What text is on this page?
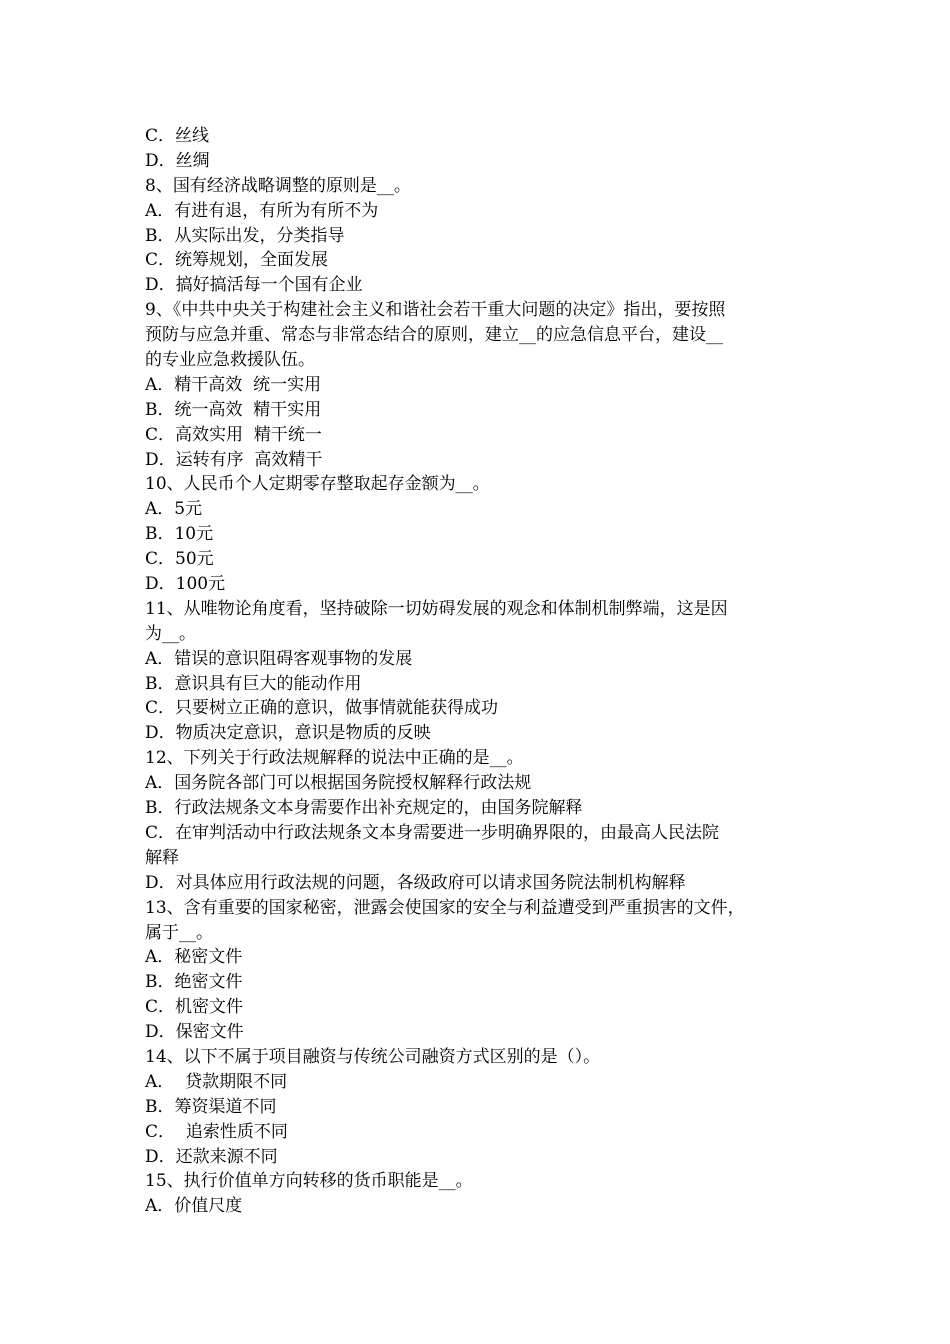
C．丝线
D．丝绸
8、国有经济战略调整的原则是__。
A．有进有退，有所为有所不为
B．从实际出发，分类指导
C．统筹规划，全面发展
D．搞好搞活每一个国有企业
9、《中共中央关于构建社会主义和谐社会若干重大问题的决定》指出，要按照
预防与应急并重、常态与非常态结合的原则，建立__的应急信息平台，建设__
的专业应急救援队伍。
A．精干高效  统一实用
B．统一高效  精干实用
C．高效实用  精干统一
D．运转有序  高效精干
10、人民币个人定期零存整取起存金额为__。
A．5元
B．10元
C．50元
D．100元
11、从唯物论角度看，坚持破除一切妨碍发展的观念和体制机制弊端，这是因
为__。
A．错误的意识阻碍客观事物的发展
B．意识具有巨大的能动作用
C．只要树立正确的意识，做事情就能获得成功
D．物质决定意识，意识是物质的反映
12、下列关于行政法规解释的说法中正确的是__。
A．国务院各部门可以根据国务院授权解释行政法规
B．行政法规条文本身需要作出补充规定的，由国务院解释
C．在审判活动中行政法规条文本身需要进一步明确界限的，由最高人民法院
解释
D．对具体应用行政法规的问题，各级政府可以请求国务院法制机构解释
13、含有重要的国家秘密，泄露会使国家的安全与利益遭受到严重损害的文件，
属于__。
A．秘密文件
B．绝密文件
C．机密文件
D．保密文件
14、以下不属于项目融资与传统公司融资方式区别的是（）。
A．  贷款期限不同
B．筹资渠道不同
C．  追索性质不同
D．还款来源不同
15、执行价值单方向转移的货币职能是__。
A．价值尺度
